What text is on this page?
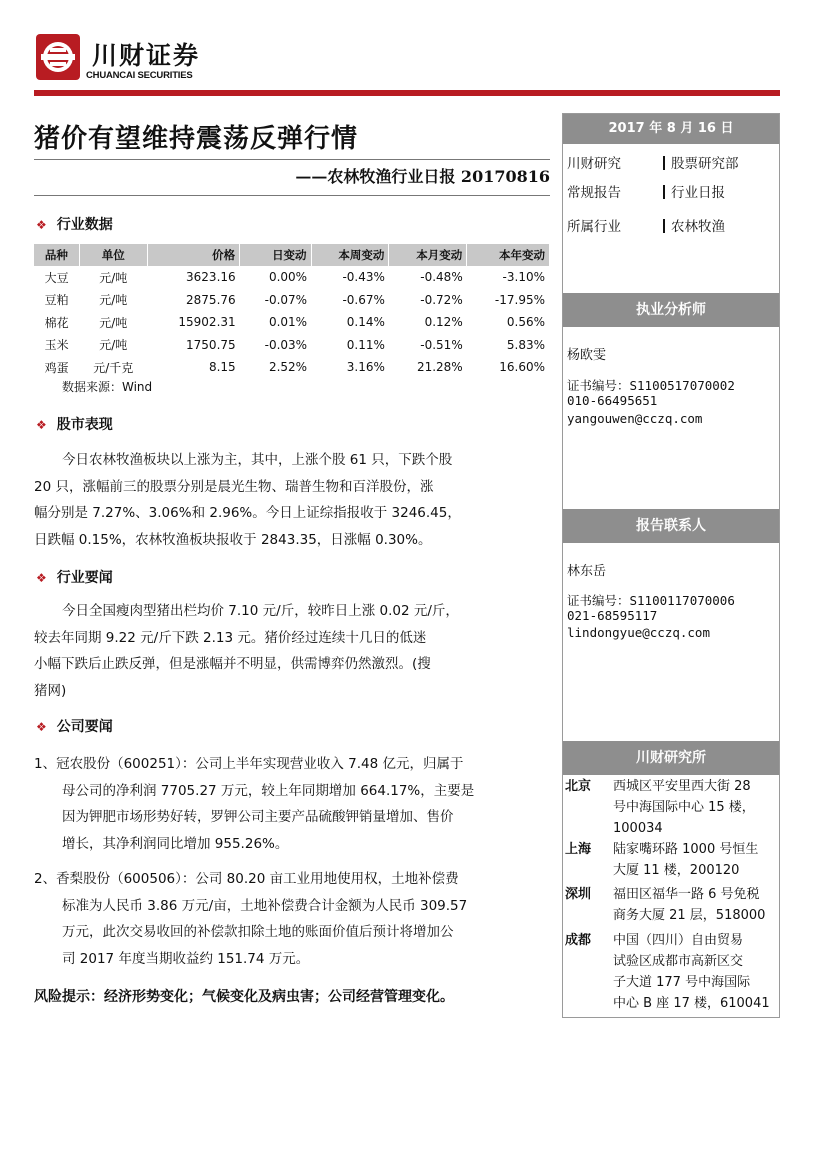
川财证券
CHUANCAI SECURITIES
猪价有望维持震荡反弹行情
——农林牧渔行业日报 20170816
❖ 行业数据
品种	单位	价格	日变动	本周变动	本月变动	本年变动
大豆	元/吨	3623.16	0.00%	-0.43%	-0.48%	-3.10%
豆粕	元/吨	2875.76	-0.07%	-0.67%	-0.72%	-17.95%
棉花	元/吨	15902.31	0.01%	0.14%	0.12%	0.56%
玉米	元/吨	1750.75	-0.03%	0.11%	-0.51%	5.83%
鸡蛋	元/千克	8.15	2.52%	3.16%	21.28%	16.60%
数据来源：Wind
❖ 股市表现
今日农林牧渔板块以上涨为主，其中，上涨个股 61 只，下跌个股
20 只，涨幅前三的股票分别是晨光生物、瑞普生物和百洋股份，涨
幅分别是 7.27%、3.06%和 2.96%。今日上证综指报收于 3246.45，
日跌幅 0.15%，农林牧渔板块报收于 2843.35，日涨幅 0.30%。
❖ 行业要闻
今日全国瘦肉型猪出栏均价 7.10 元/斤，较昨日上涨 0.02 元/斤，
较去年同期 9.22 元/斤下跌 2.13 元。猪价经过连续十几日的低迷
小幅下跌后止跌反弹，但是涨幅并不明显，供需博弈仍然激烈。(搜
猪网)
❖ 公司要闻
1、冠农股份（600251）：公司上半年实现营业收入 7.48 亿元，归属于
母公司的净利润 7705.27 万元，较上年同期增加 664.17%，主要是
因为钾肥市场形势好转，罗钾公司主要产品硫酸钾销量增加、售价
增长，其净利润同比增加 955.26%。
2、香梨股份（600506）：公司 80.20 亩工业用地使用权，土地补偿费
标准为人民币 3.86 万元/亩，土地补偿费合计金额为人民币 309.57
万元，此次交易收回的补偿款扣除土地的账面价值后预计将增加公
司 2017 年度当期收益约 151.74 万元。
风险提示：经济形势变化；气候变化及病虫害；公司经营管理变化。
2017 年 8 月 16 日
川财研究	股票研究部
常规报告	行业日报
所属行业	农林牧渔
执业分析师
杨欧雯
证书编号：S1100517070002
010-66495651
yangouwen@cczq.com
报告联系人
林东岳
证书编号：S1100117070006
021-68595117
lindongyue@cczq.com
川财研究所
北京	西城区平安里西大街 28
号中海国际中心 15 楼，
100034
上海	陆家嘴环路 1000 号恒生
大厦 11 楼，200120
深圳	福田区福华一路 6 号免税
商务大厦 21 层，518000
成都	中国（四川）自由贸易
试验区成都市高新区交
子大道 177 号中海国际
中心 B 座 17 楼，610041
